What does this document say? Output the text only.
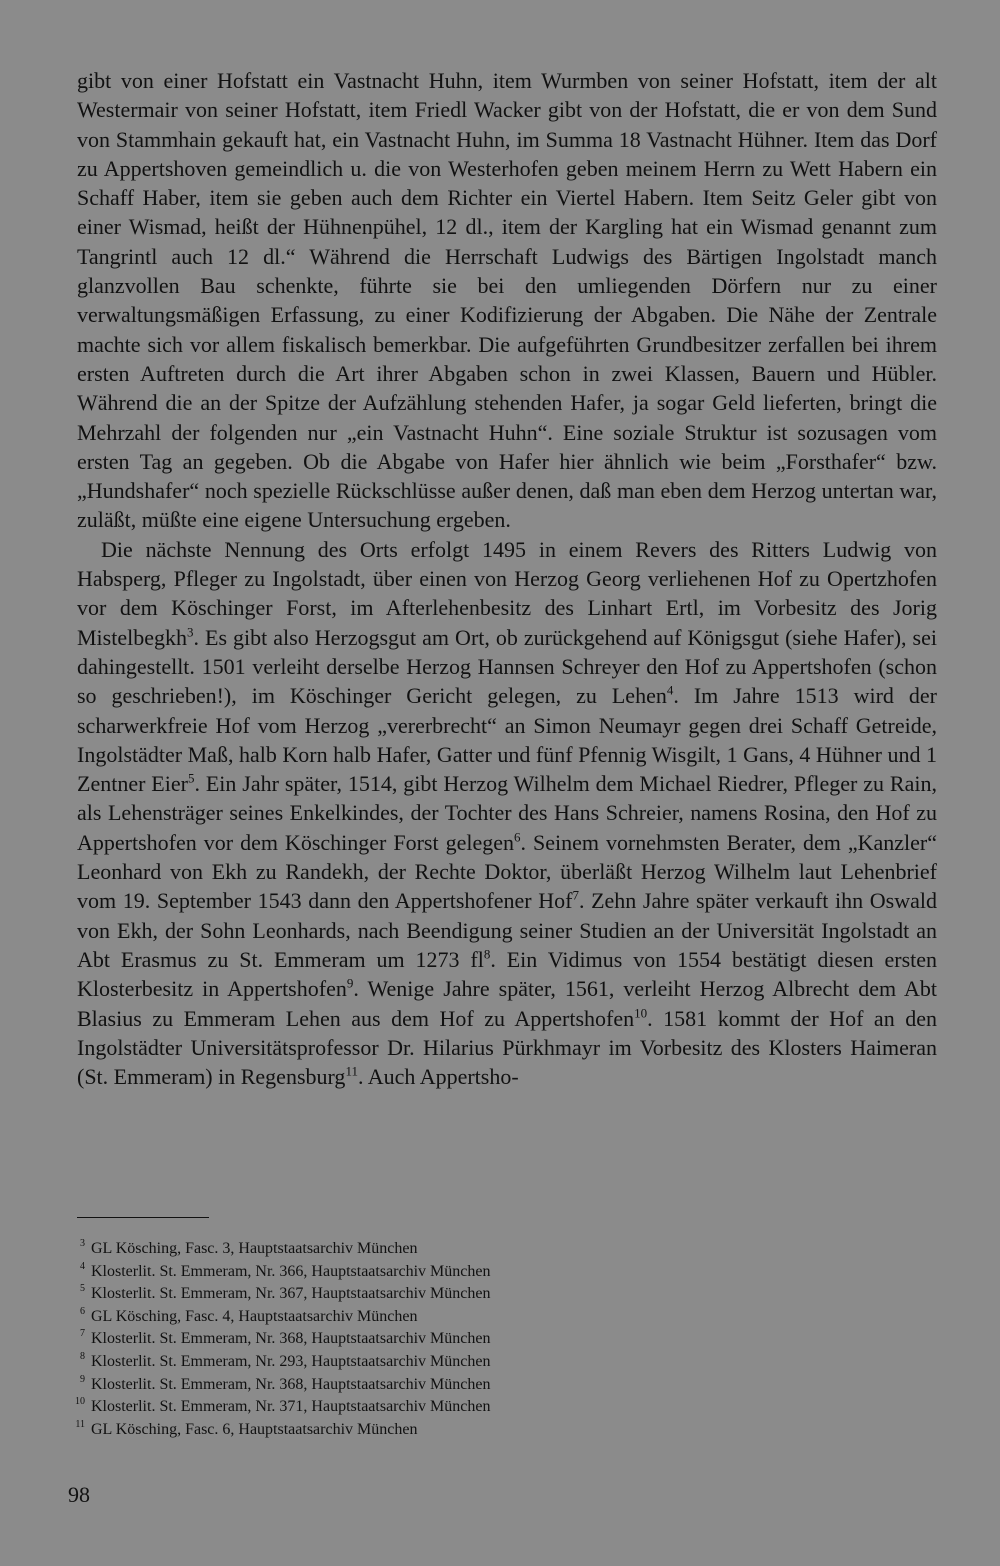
gibt von einer Hofstatt ein Vastnacht Huhn, item Wurmben von seiner Hofstatt, item der alt Westermair von seiner Hofstatt, item Friedl Wacker gibt von der Hofstatt, die er von dem Sund von Stammhain gekauft hat, ein Vastnacht Huhn, im Summa 18 Vastnacht Hühner. Item das Dorf zu Appertshoven gemeindlich u. die von Westerhofen geben meinem Herrn zu Wett Habern ein Schaff Haber, item sie geben auch dem Richter ein Viertel Habern. Item Seitz Geler gibt von einer Wismad, heißt der Hühnenpühel, 12 dl., item der Kargling hat ein Wismad genannt zum Tangrintl auch 12 dl.“ Während die Herrschaft Ludwigs des Bärtigen Ingolstadt manch glanzvollen Bau schenkte, führte sie bei den umliegenden Dörfern nur zu einer verwaltungsmäßigen Erfassung, zu einer Kodifizierung der Abgaben. Die Nähe der Zentrale machte sich vor allem fiskalisch bemerkbar. Die aufgeführten Grundbesitzer zerfallen bei ihrem ersten Auftreten durch die Art ihrer Abgaben schon in zwei Klassen, Bauern und Hübler. Während die an der Spitze der Aufzählung stehenden Hafer, ja sogar Geld lieferten, bringt die Mehrzahl der folgenden nur „ein Vastnacht Huhn“. Eine soziale Struktur ist sozusagen vom ersten Tag an gegeben. Ob die Abgabe von Hafer hier ähnlich wie beim „Forsthafer“ bzw. „Hundshafer“ noch spezielle Rückschlüsse außer denen, daß man eben dem Herzog untertan war, zuläßt, müßte eine eigene Untersuchung ergeben.

Die nächste Nennung des Orts erfolgt 1495 in einem Revers des Ritters Ludwig von Habsperg, Pfleger zu Ingolstadt, über einen von Herzog Georg verliehenen Hof zu Opertzhofen vor dem Köschinger Forst, im Afterlehenbesitz des Linhart Ertl, im Vorbesitz des Jorig Mistelbegkh$^3$. Es gibt also Herzogsgut am Ort, ob zurückgehend auf Königsgut (siehe Hafer), sei dahingestellt. 1501 verleiht derselbe Herzog Hannsen Schreyer den Hof zu Appertshofen (schon so geschrieben!), im Köschinger Gericht gelegen, zu Lehen$^4$. Im Jahre 1513 wird der scharwerkfreie Hof vom Herzog „vererbrecht“ an Simon Neumayr gegen drei Schaff Getreide, Ingolstädter Maß, halb Korn halb Hafer, Gatter und fünf Pfennig Wisgilt, 1 Gans, 4 Hühner und 1 Zentner Eier$^5$. Ein Jahr später, 1514, gibt Herzog Wilhelm dem Michael Riedrer, Pfleger zu Rain, als Lehensträger seines Enkelkindes, der Tochter des Hans Schreier, namens Rosina, den Hof zu Appertshofen vor dem Köschinger Forst gelegen$^6$. Seinem vornehmsten Berater, dem „Kanzler“ Leonhard von Ekh zu Randekh, der Rechte Doktor, überläßt Herzog Wilhelm laut Lehenbrief vom 19. September 1543 dann den Appertshofener Hof$^7$. Zehn Jahre später verkauft ihn Oswald von Ekh, der Sohn Leonhards, nach Beendigung seiner Studien an der Universität Ingolstadt an Abt Erasmus zu St. Emmeram um 1273 $fl^8$. Ein Vidimus von 1554 bestätigt diesen ersten Klosterbesitz in Appertshofen$^9$. Wenige Jahre später, 1561, verleiht Herzog Albrecht dem Abt Blasius zu Emmeram Lehen aus dem Hof zu Appertshofen$^{10}$. 1581 kommt der Hof an den Ingolstädter Universitätsprofessor Dr. Hilarius Pürkhmayr im Vorbesitz des Klosters Haimeran (St. Emmeram) in Regensburg$^{11}$. Auch Appertsho-

3 GL Kösching, Fasc. 3, Hauptstaatsarchiv München
4 Klosterlit. St. Emmeram, Nr. 366, Hauptstaatsarchiv München
5 Klosterlit. St. Emmeram, Nr. 367, Hauptstaatsarchiv München
6 GL Kösching, Fasc. 4, Hauptstaatsarchiv München
7 Klosterlit. St. Emmeram, Nr. 368, Hauptstaatsarchiv München
8 Klosterlit. St. Emmeram, Nr. 293, Hauptstaatsarchiv München
9 Klosterlit. St. Emmeram, Nr. 368, Hauptstaatsarchiv München
10 Klosterlit. St. Emmeram, Nr. 371, Hauptstaatsarchiv München
11 GL Kösching, Fasc. 6, Hauptstaatsarchiv München
98
